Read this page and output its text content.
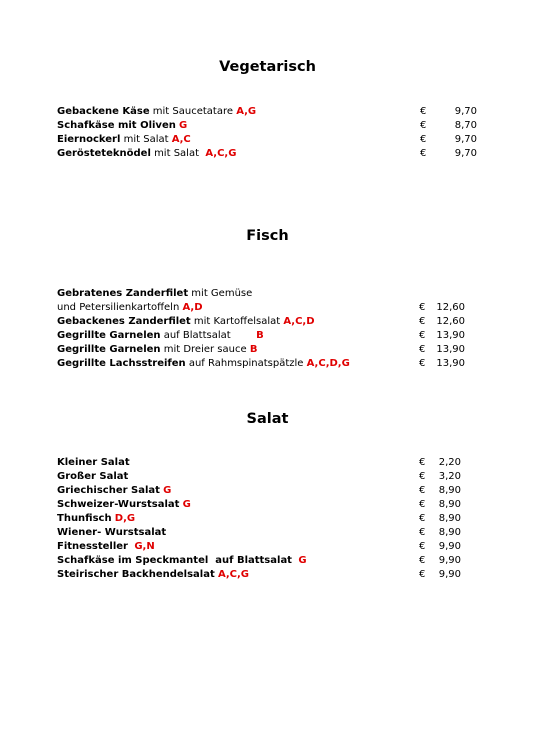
Vegetarisch
Gebackene Käse mit Saucetatare A,G	€	9,70
Schafkäse mit Oliven G	€	8,70
Eiernockerl mit Salat A,C	€	9,70
Gerösteteknödel mit Salat  A,C,G	€	9,70
Fisch
Gebratenes Zanderfilet mit Gemüse
und Petersilienkartoffeln A,D	€	12,60
Gebackenes Zanderfilet mit Kartoffelsalat A,C,D	€	12,60
Gegrillte Garnelen auf Blattsalat        B	€	13,90
Gegrillte Garnelen mit Dreier sauce B	€	13,90
Gegrillte Lachsstreifen auf Rahmspinatspätzle A,C,D,G	€	13,90
Salat
Kleiner Salat	€	2,20
Großer Salat	€	3,20
Griechischer Salat G	€	8,90
Schweizer-Wurstsalat G	€	8,90
Thunfisch D,G	€	8,90
Wiener- Wurstsalat	€	8,90
Fitnessteller G,N	€	9,90
Schafkäse im Speckmantel  auf Blattsalat G	€	9,90
Steirischer Backhendelsalat A,C,G	€	9,90
